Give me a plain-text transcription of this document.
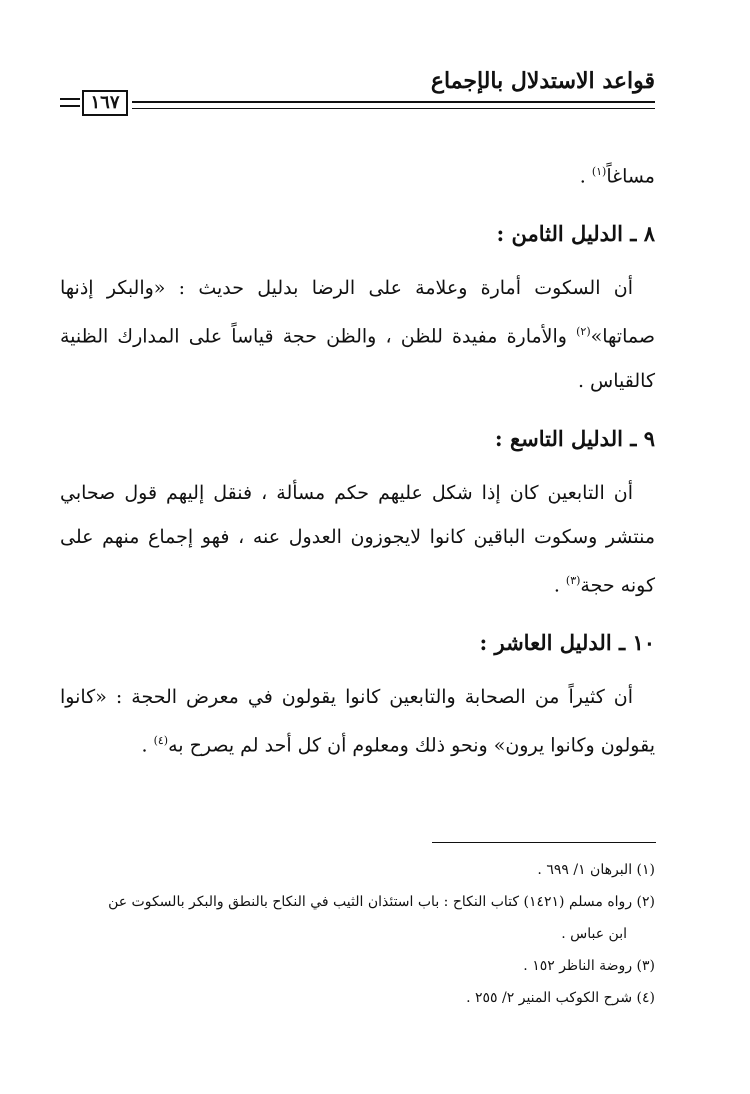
قواعد الاستدلال بالإجماع
١٦٧

مساغاً$^{(١)}$ .

٨ ـ الدليل الثامن :

أن السكوت أمارة وعلامة على الرضا بدليل حديث : «والبكر إذنها صماتها»$^{(٢)}$ والأمارة مفيدة للظن ، والظن حجة قياساً على المدارك الظنية كالقياس .

٩ ـ الدليل التاسع :

أن التابعين كان إذا شكل عليهم حكم مسألة ، فنقل إليهم قول صحابي منتشر وسكوت الباقين كانوا لايجوزون العدول عنه ، فهو إجماع منهم على كونه حجة$^{(٣)}$ .

١٠ ـ الدليل العاشر :

أن كثيراً من الصحابة والتابعين كانوا يقولون في معرض الحجة : «كانوا يقولون وكانوا يرون» ونحو ذلك ومعلوم أن كل أحد لم يصرح به$^{(٤)}$ .

(١) البرهان ١/ ٦٩٩ .

(٢) رواه مسلم (١٤٢١) كتاب النكاح : باب استئذان الثيب في النكاح بالنطق والبكر بالسكوت عن
ابن عباس .

(٣) روضة الناظر ١٥٢ .

(٤) شرح الكوكب المنير ٢/ ٢٥٥ .
